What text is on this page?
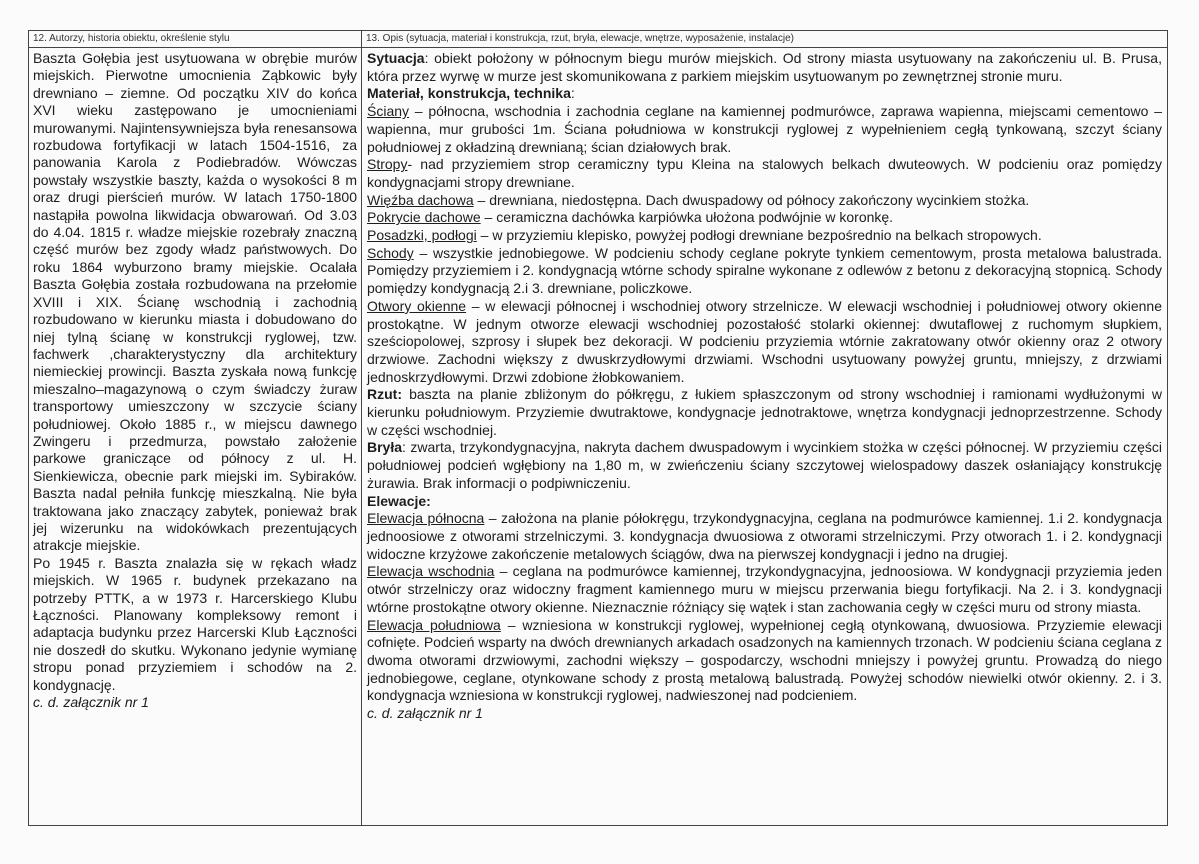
12. Autorzy, historia obiektu, określenie stylu

Baszta Gołębia jest usytuowana w obrębie murów miejskich. Pierwotne umocnienia Ząbkowic były drewniano – ziemne. Od początku XIV do końca XVI wieku zastępowano je umocnieniami murowanymi. Najintensywniejsza była renesansowa rozbudowa fortyfikacji w latach 1504-1516, za panowania Karola z Podiebradów. Wówczas powstały wszystkie baszty, każda o wysokości 8 m oraz drugi pierścień murów. W latach 1750-1800 nastąpiła powolna likwidacja obwarowań. Od 3.03 do 4.04. 1815 r. władze miejskie rozebrały znaczną część murów bez zgody władz państwowych. Do roku 1864 wyburzono bramy miejskie. Ocalała Baszta Gołębia została rozbudowana na przełomie XVIII i XIX. Ścianę wschodnią i zachodnią rozbudowano w kierunku miasta i dobudowano do niej tylną ścianę w konstrukcji ryglowej, tzw. fachwerk ,charakterystyczny dla architektury niemieckiej prowincji. Baszta zyskała nową funkcję mieszalno–magazynową o czym świadczy żuraw transportowy umieszczony w szczycie ściany południowej. Około 1885 r., w miejscu dawnego Zwingeru i przedmurza, powstało założenie parkowe graniczące od północy z ul. H. Sienkiewicza, obecnie park miejski im. Sybiraków. Baszta nadal pełniła funkcję mieszkalną. Nie była traktowana jako znaczący zabytek, ponieważ brak jej wizerunku na widokówkach prezentujących atrakcje miejskie.

Po 1945 r. Baszta znalazła się w rękach władz miejskich. W 1965 r. budynek przekazano na potrzeby PTTK, a w 1973 r. Harcerskiego Klubu Łączności. Planowany kompleksowy remont i adaptacja budynku przez Harcerski Klub Łączności nie doszedł do skutku. Wykonano jedynie wymianę stropu ponad przyziemiem i schodów na 2. kondygnację.

c. d. załącznik nr 1

13. Opis (sytuacja, materiał i konstrukcja, rzut, bryła, elewacje, wnętrze, wyposażenie, instalacje)

Sytuacja: obiekt położony w północnym biegu murów miejskich. Od strony miasta usytuowany na zakończeniu ul. B. Prusa, która przez wyrwę w murze jest skomunikowana z parkiem miejskim usytuowanym po zewnętrznej stronie muru.

Materiał, konstrukcja, technika:

Ściany – północna, wschodnia i zachodnia ceglane na kamiennej podmurówce, zaprawa wapienna, miejscami cementowo – wapienna, mur grubości 1m. Ściana południowa w konstrukcji ryglowej z wypełnieniem cegłą tynkowaną, szczyt ściany południowej z okładziną drewnianą; ścian działowych brak.

Stropy- nad przyziemiem strop ceramiczny typu Kleina na stalowych belkach dwuteowych. W podcieniu oraz pomiędzy kondygnacjami stropy drewniane.

Więźba dachowa – drewniana, niedostępna. Dach dwuspadowy od północy zakończony wycinkiem stożka.

Pokrycie dachowe – ceramiczna dachówka karpiówka ułożona podwójnie w koronkę.

Posadzki, podłogi – w przyziemiu klepisko, powyżej podłogi drewniane bezpośrednio na belkach stropowych.

Schody – wszystkie jednobiegowe. W podcieniu schody ceglane pokryte tynkiem cementowym, prosta metalowa balustrada. Pomiędzy przyziemiem i 2. kondygnacją wtórne schody spiralne wykonane z odlewów z betonu z dekoracyjną stopnicą. Schody pomiędzy kondygnacją 2.i 3. drewniane, policzkowe.

Otwory okienne – w elewacji północnej i wschodniej otwory strzelnicze. W elewacji wschodniej i południowej otwory okienne prostokątne. W jednym otworze elewacji wschodniej pozostałość stolarki okiennej: dwutaflowej z ruchomym słupkiem, sześciopolowej, szprosy i słupek bez dekoracji. W podcieniu przyziemia wtórnie zakratowany otwór okienny oraz 2 otwory drzwiowe. Zachodni większy z dwuskrzydłowymi drzwiami. Wschodni usytuowany powyżej gruntu, mniejszy, z drzwiami jednoskrzydłowymi. Drzwi zdobione żłobkowaniem.

Rzut: baszta na planie zbliżonym do półkręgu, z łukiem spłaszczonym od strony wschodniej i ramionami wydłużonymi w kierunku południowym. Przyziemie dwutraktowe, kondygnacje jednotraktowe, wnętrza kondygnacji jednoprzestrzenne. Schody w części wschodniej.

Bryła: zwarta, trzykondygnacyjna, nakryta dachem dwuspadowym i wycinkiem stożka w części północnej. W przyziemiu części południowej podcień wgłębiony na 1,80 m, w zwieńczeniu ściany szczytowej wielospadowy daszek osłaniający konstrukcję żurawia. Brak informacji o podpiwniczeniu.

Elewacje:

Elewacja północna – założona na planie półokręgu, trzykondygnacyjna, ceglana na podmurówce kamiennej. 1.i 2. kondygnacja jednoosiowe z otworami strzelniczymi. 3. kondygnacja dwuosiowa z otworami strzelniczymi. Przy otworach 1. i 2. kondygnacji widoczne krzyżowe zakończenie metalowych ściągów, dwa na pierwszej kondygnacji i jedno na drugiej.

Elewacja wschodnia – ceglana na podmurówce kamiennej, trzykondygnacyjna, jednoosiowa. W kondygnacji przyziemia jeden otwór strzelniczy oraz widoczny fragment kamiennego muru w miejscu przerwania biegu fortyfikacji. Na 2. i 3. kondygnacji wtórne prostokątne otwory okienne. Nieznacznie różniący się wątek i stan zachowania cegły w części muru od strony miasta.

Elewacja południowa – wzniesiona w konstrukcji ryglowej, wypełnionej cegłą otynkowaną, dwuosiowa. Przyziemie elewacji cofnięte. Podcień wsparty na dwóch drewnianych arkadach osadzonych na kamiennych trzonach. W podcieniu ściana ceglana z dwoma otworami drzwiowymi, zachodni większy – gospodarczy, wschodni mniejszy i powyżej gruntu. Prowadzą do niego jednobiegowe, ceglane, otynkowane schody z prostą metalową balustradą. Powyżej schodów niewielki otwór okienny. 2. i 3. kondygnacja wzniesiona w konstrukcji ryglowej, nadwieszonej nad podcieniem.

c. d. załącznik nr 1
